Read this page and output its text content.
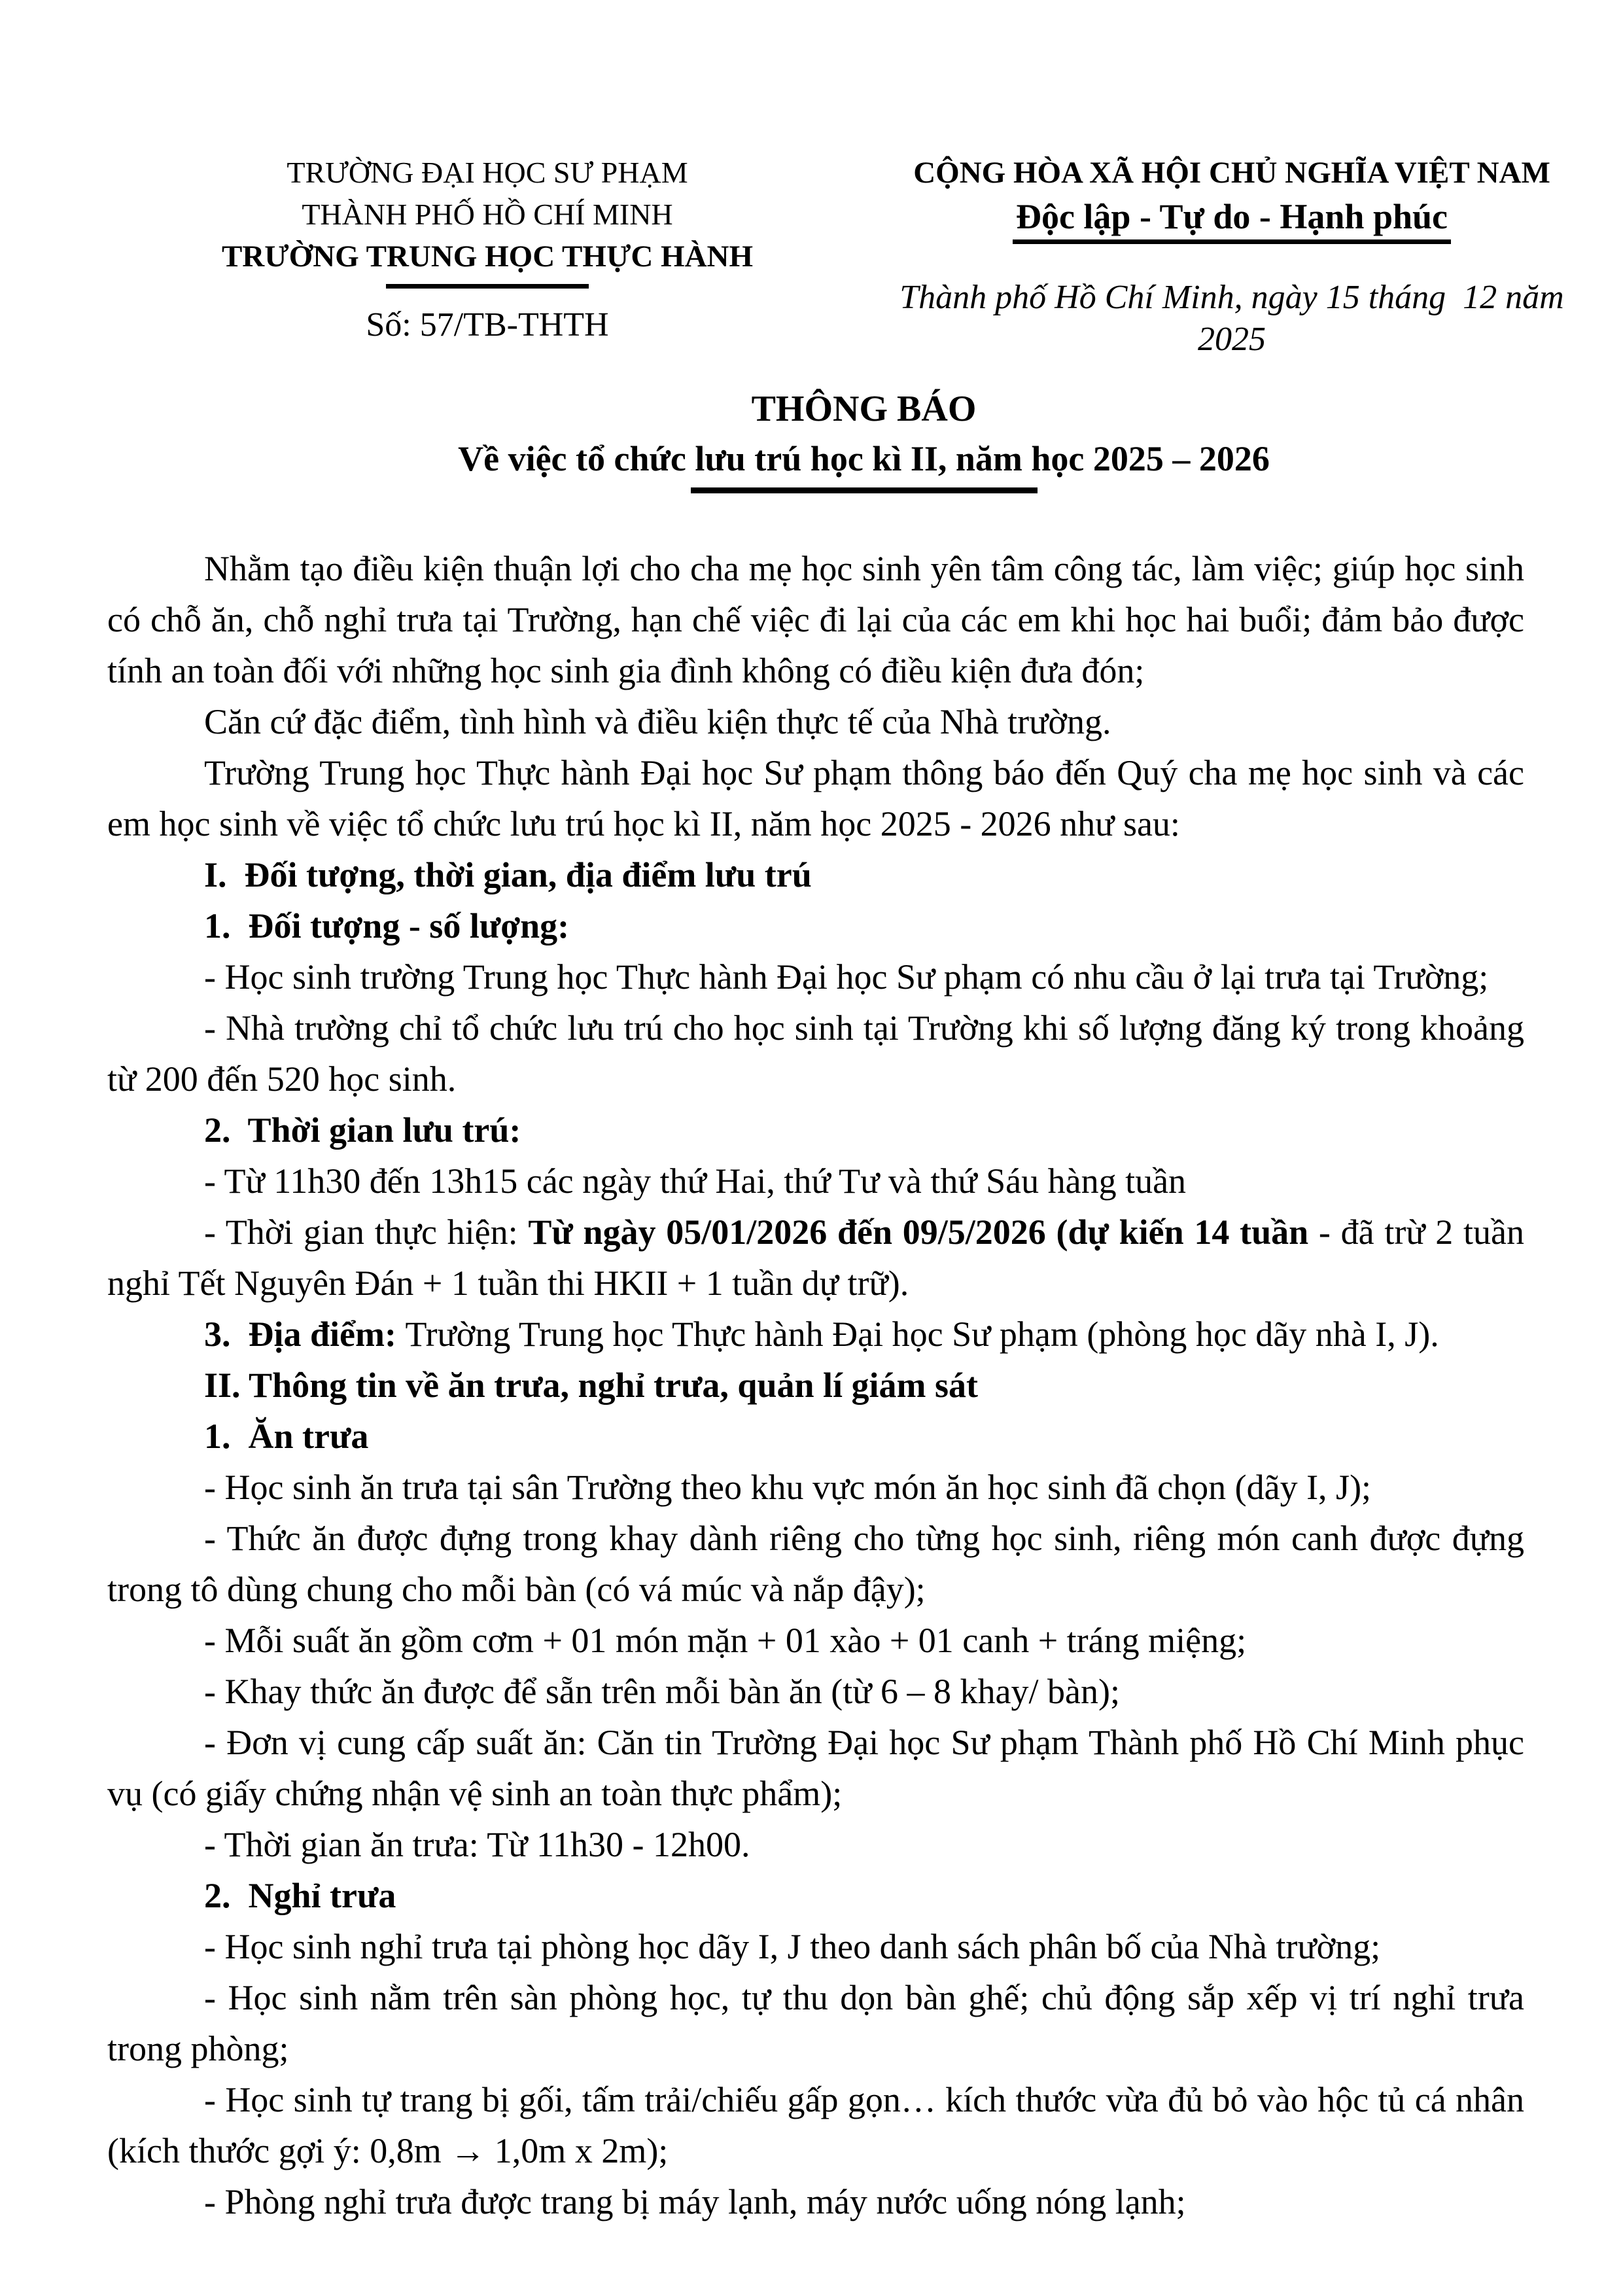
TRƯỜNG ĐẠI HỌC SƯ PHẠM
THÀNH PHỐ HỒ CHÍ MINH
TRƯỜNG TRUNG HỌC THỰC HÀNH
Số: 57/TB-THTH
CỘNG HÒA XÃ HỘI CHỦ NGHĨA VIỆT NAM
Độc lập - Tự do - Hạnh phúc
Thành phố Hồ Chí Minh, ngày 15 tháng  12 năm 2025
THÔNG BÁO
Về việc tổ chức lưu trú học kì II, năm học 2025 – 2026

Nhằm tạo điều kiện thuận lợi cho cha mẹ học sinh yên tâm công tác, làm việc; giúp học sinh có chỗ ăn, chỗ nghỉ trưa tại Trường, hạn chế việc đi lại của các em khi học hai buổi; đảm bảo được tính an toàn đối với những học sinh gia đình không có điều kiện đưa đón;

Căn cứ đặc điểm, tình hình và điều kiện thực tế của Nhà trường.

Trường Trung học Thực hành Đại học Sư phạm thông báo đến Quý cha mẹ học sinh và các em học sinh về việc tổ chức lưu trú học kì II, năm học 2025 - 2026 như sau:

I.  Đối tượng, thời gian, địa điểm lưu trú

1.  Đối tượng - số lượng:

- Học sinh trường Trung học Thực hành Đại học Sư phạm có nhu cầu ở lại trưa tại Trường;

- Nhà trường chỉ tổ chức lưu trú cho học sinh tại Trường khi số lượng đăng ký trong khoảng từ 200 đến 520 học sinh.

2.  Thời gian lưu trú:

- Từ 11h30 đến 13h15 các ngày thứ Hai, thứ Tư và thứ Sáu hàng tuần

- Thời gian thực hiện: Từ ngày 05/01/2026 đến 09/5/2026 (dự kiến 14 tuần - đã trừ 2 tuần nghỉ Tết Nguyên Đán + 1 tuần thi HKII + 1 tuần dự trữ).

3.  Địa điểm: Trường Trung học Thực hành Đại học Sư phạm (phòng học dãy nhà I, J).

II. Thông tin về ăn trưa, nghỉ trưa, quản lí giám sát

1.  Ăn trưa

- Học sinh ăn trưa tại sân Trường theo khu vực món ăn học sinh đã chọn (dãy I, J);

- Thức ăn được đựng trong khay dành riêng cho từng học sinh, riêng món canh được đựng trong tô dùng chung cho mỗi bàn (có vá múc và nắp đậy);

- Mỗi suất ăn gồm cơm + 01 món mặn + 01 xào + 01 canh + tráng miệng;

- Khay thức ăn được để sẵn trên mỗi bàn ăn (từ 6 – 8 khay/ bàn);

- Đơn vị cung cấp suất ăn: Căn tin Trường Đại học Sư phạm Thành phố Hồ Chí Minh phục vụ (có giấy chứng nhận vệ sinh an toàn thực phẩm);

- Thời gian ăn trưa: Từ 11h30 - 12h00.

2.  Nghỉ trưa

- Học sinh nghỉ trưa tại phòng học dãy I, J theo danh sách phân bố của Nhà trường;

- Học sinh nằm trên sàn phòng học, tự thu dọn bàn ghế; chủ động sắp xếp vị trí nghỉ trưa trong phòng;

- Học sinh tự trang bị gối, tấm trải/chiếu gấp gọn… kích thước vừa đủ bỏ vào hộc tủ cá nhân (kích thước gợi ý: 0,8m → 1,0m x 2m);

- Phòng nghỉ trưa được trang bị máy lạnh, máy nước uống nóng lạnh;
